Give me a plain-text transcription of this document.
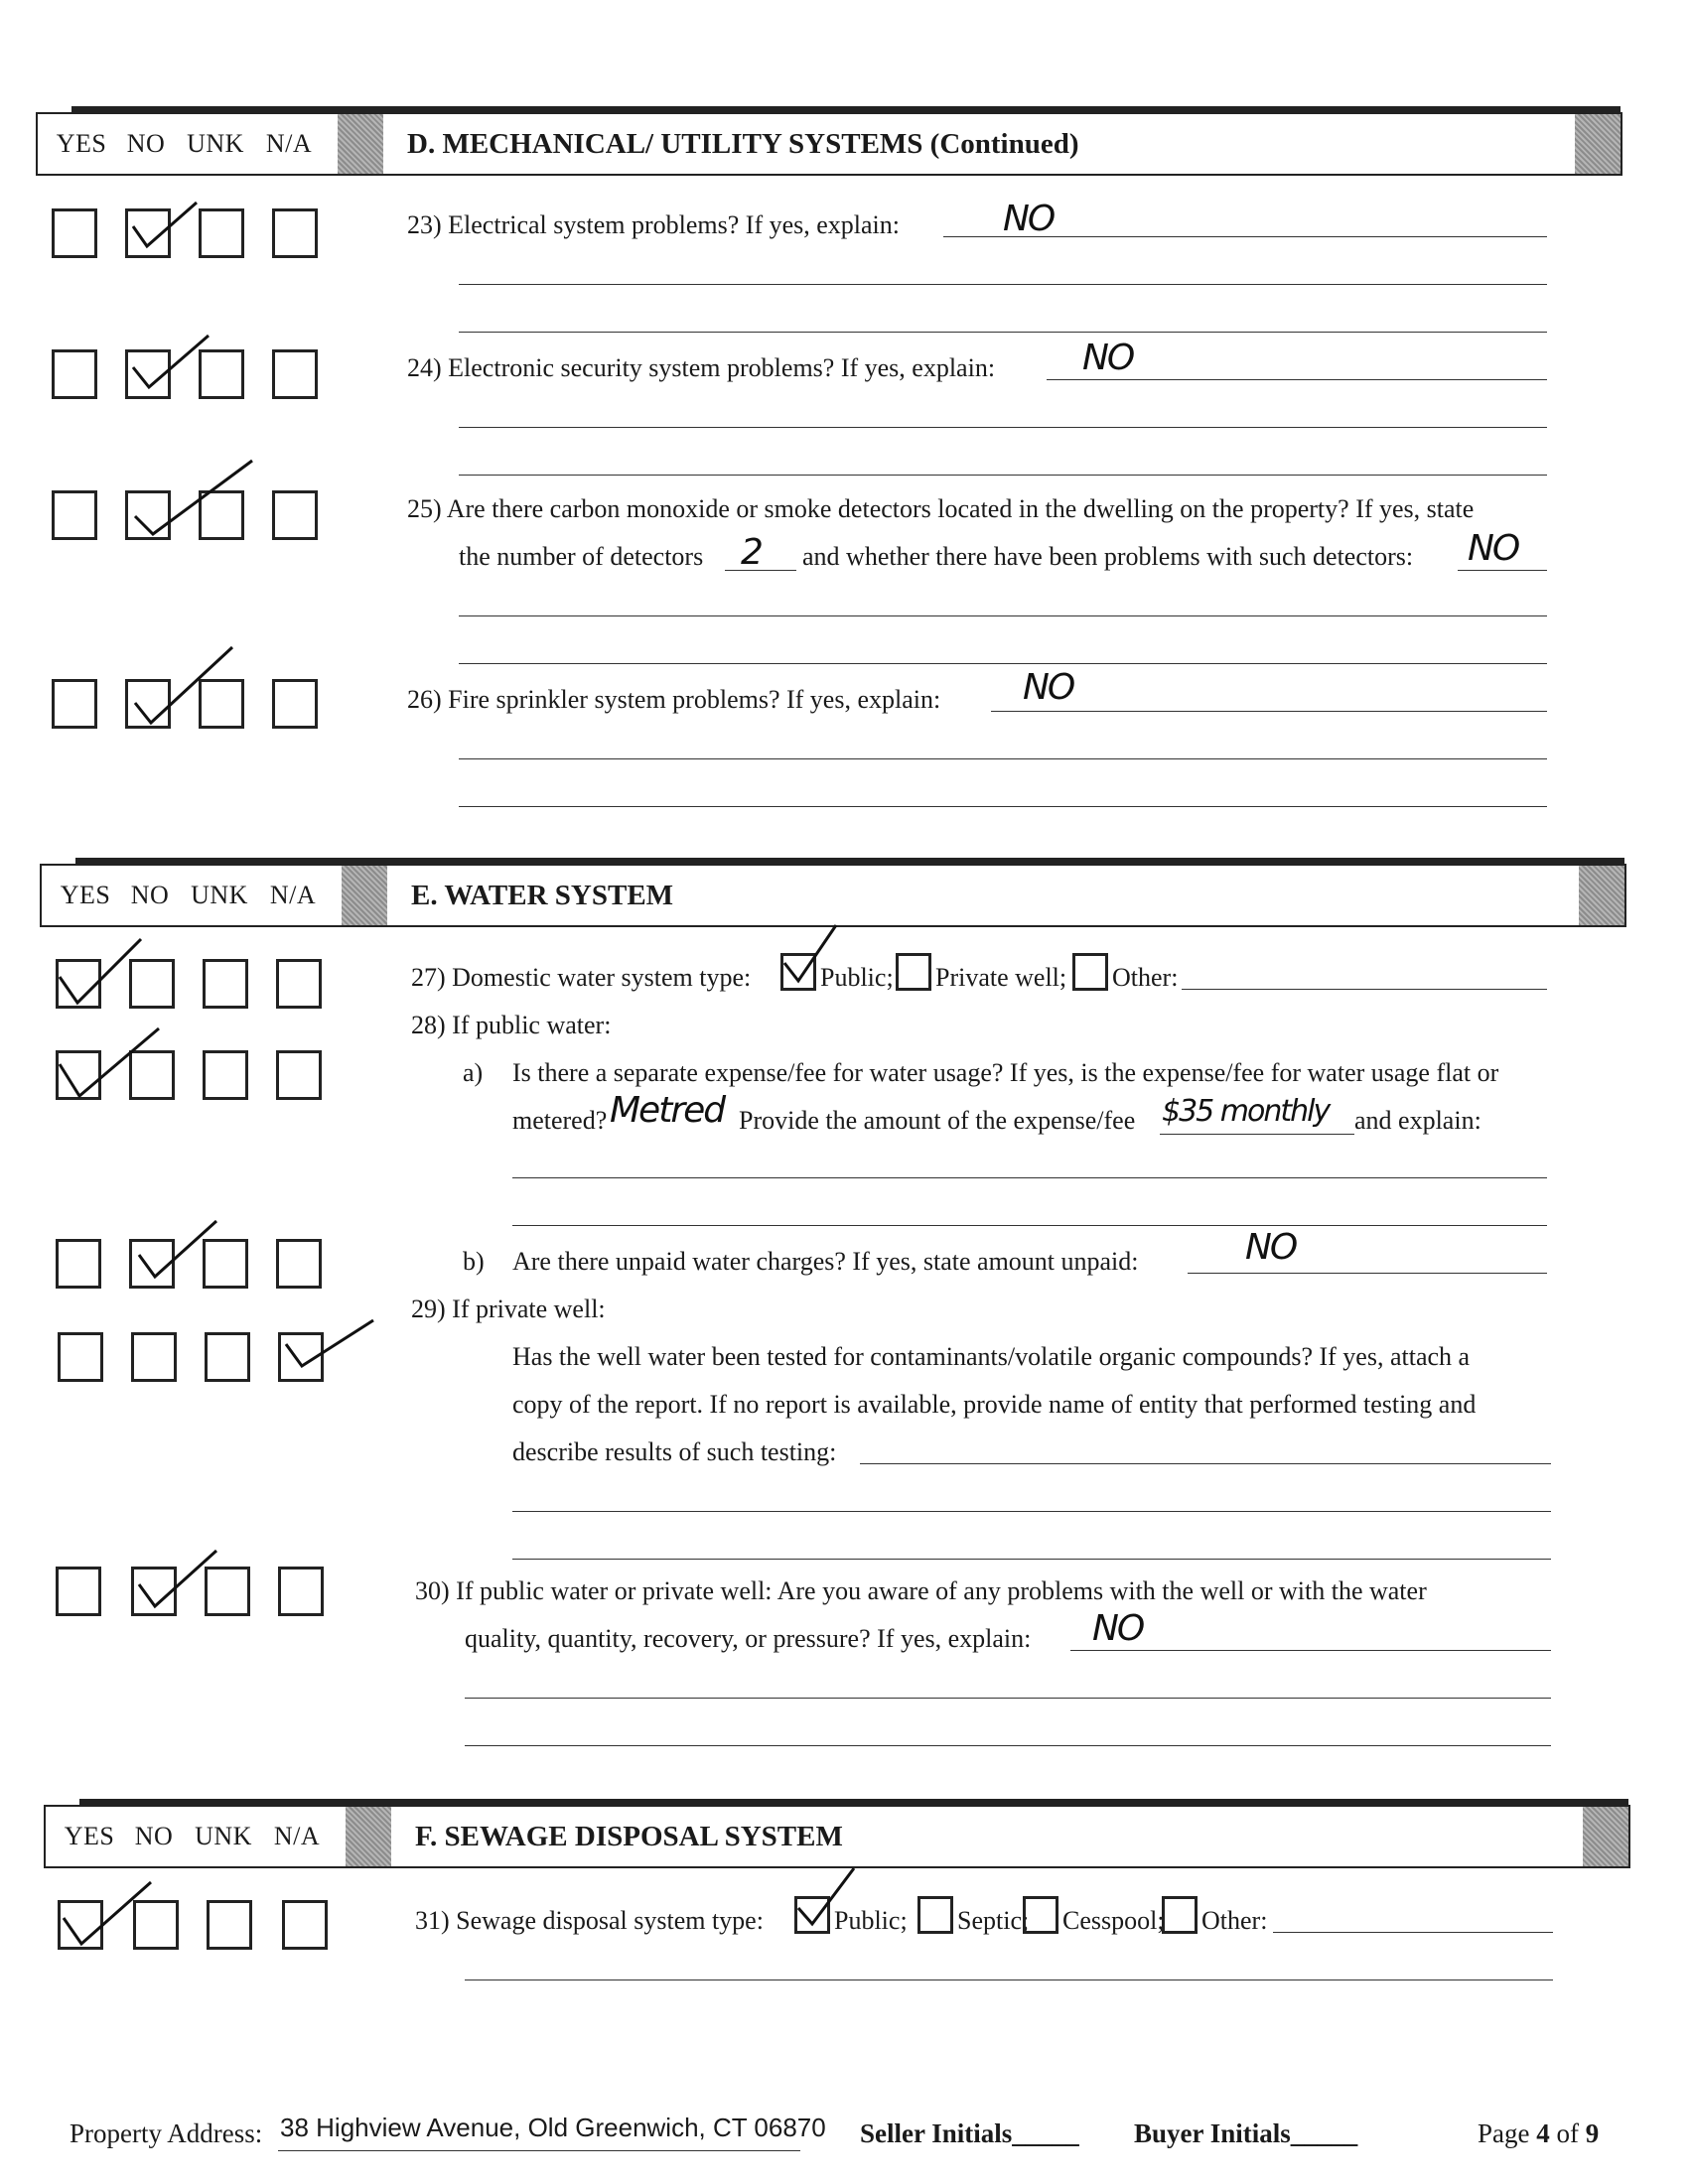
YES NO UNK N/A	D. MECHANICAL/ UTILITY SYSTEMS (Continued)
23) Electrical system problems? If yes, explain:	NO
24) Electronic security system problems? If yes, explain: NO
25) Are there carbon monoxide or smoke detectors located in the dwelling on the property? If yes, state
the number of detectors 2 and whether there have been problems with such detectors: NO
26) Fire sprinkler system problems? If yes, explain: NO
YES NO UNK N/A	E. WATER SYSTEM
27) Domestic water system type:	Public; Private well; Other:
28) If public water:
a) Is there a separate expense/fee for water usage? If yes, is the expense/fee for water usage flat or
metered? Metred Provide the amount of the expense/fee $35 monthly and explain:
b) Are there unpaid water charges? If yes, state amount unpaid:	NO
29) If private well:
Has the well water been tested for contaminants/volatile organic compounds? If yes, attach a
copy of the report. If no report is available, provide name of entity that performed testing and
describe results of such testing:
30) If public water or private well: Are you aware of any problems with the well or with the water
quality, quantity, recovery, or pressure? If yes, explain: NO
YES NO UNK N/A	F. SEWAGE DISPOSAL SYSTEM
31) Sewage disposal system type:	Public; Septic; Cesspool; Other:
Property Address: 38 Highview Avenue, Old Greenwich, CT 06870 Seller Initials_____ Buyer Initials_____	Page 4 of 9
